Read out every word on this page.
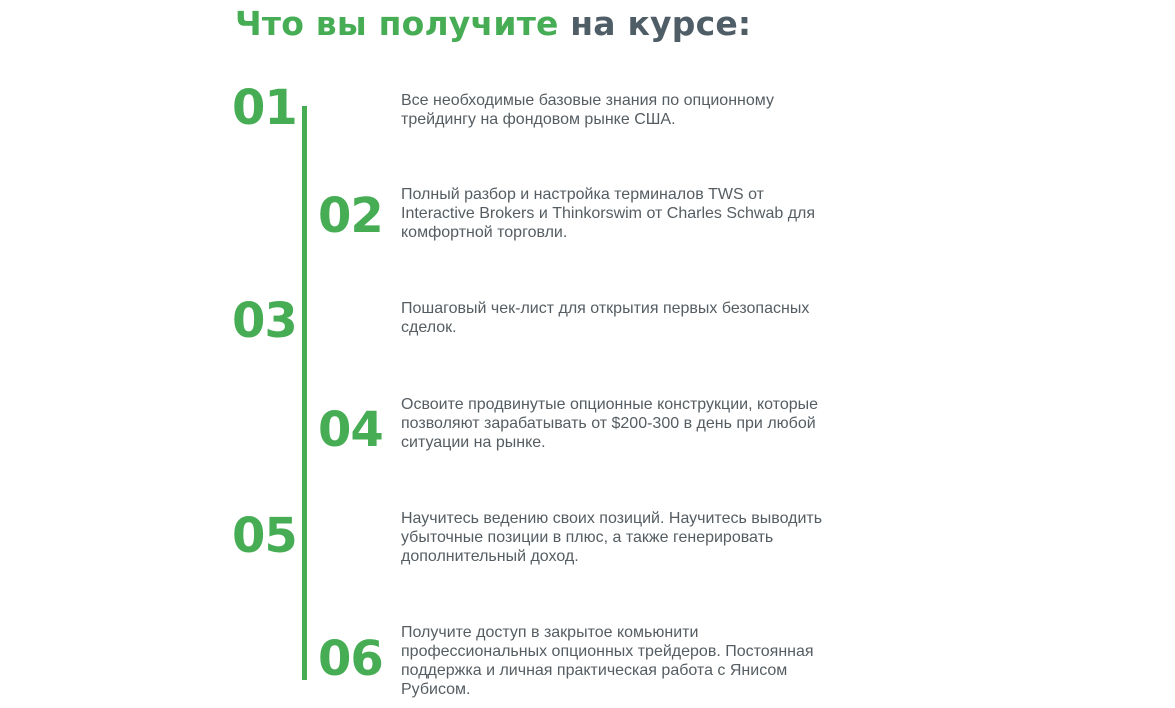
Что вы получите на курсе:
01	Все необходимые базовые знания по опционному трейдингу на фондовом рынке США.

02 Полный разбор и настройка терминалов TWS от Interactive Brokers и Thinkorswim от Charles Schwab для комфортной торговли.

03	Пошаговый чек-лист для открытия первых безопасных сделок.

04 Освоите продвинутые опционные конструкции, которые позволяют зарабатывать от $200-300 в день при любой ситуации на рынке.

05	Научитесь ведению своих позиций. Научитесь выводить убыточные позиции в плюс, а также генерировать дополнительный доход.

06 Получите доступ в закрытое комьюнити профессиональных опционных трейдеров. Постоянная поддержка и личная практическая работа с Янисом Рубисом.
